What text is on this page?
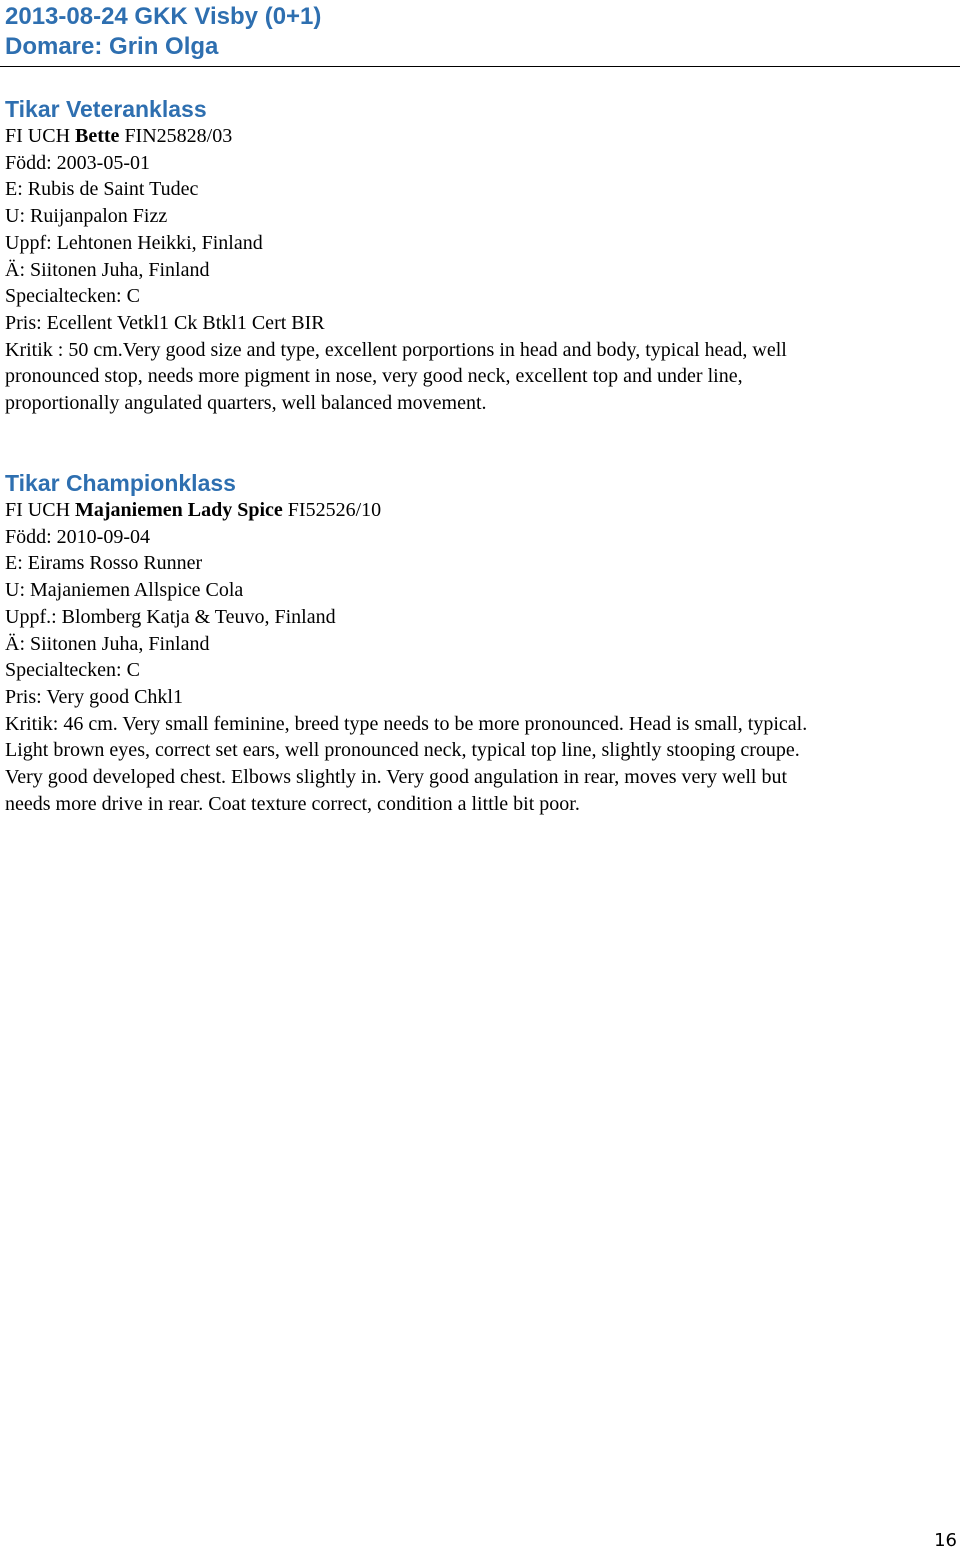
2013-08-24 GKK Visby (0+1)
Domare: Grin Olga
Tikar Veteranklass
FI UCH Bette FIN25828/03
Född: 2003-05-01
E: Rubis de Saint Tudec
U: Ruijanpalon Fizz
Uppf: Lehtonen Heikki, Finland
Ä: Siitonen Juha, Finland
Specialtecken: C
Pris: Ecellent Vetkl1 Ck Btkl1 Cert BIR
Kritik : 50 cm.Very good size and type, excellent porportions in head and body, typical head, well
pronounced stop, needs more pigment in nose, very good neck, excellent top and under line,
proportionally angulated quarters, well balanced movement.
Tikar Championklass
FI UCH Majaniemen Lady Spice FI52526/10
Född: 2010-09-04
E: Eirams Rosso Runner
U: Majaniemen Allspice Cola
Uppf.: Blomberg Katja & Teuvo, Finland
Ä: Siitonen Juha, Finland
Specialtecken: C
Pris: Very good Chkl1
Kritik: 46 cm. Very small feminine, breed type needs to be more pronounced. Head is small, typical.
Light brown eyes, correct set ears, well pronounced neck, typical top line, slightly stooping croupe.
Very good developed chest. Elbows slightly in. Very good angulation in rear, moves very well but
needs more drive in rear. Coat texture correct, condition a little bit poor.
16
